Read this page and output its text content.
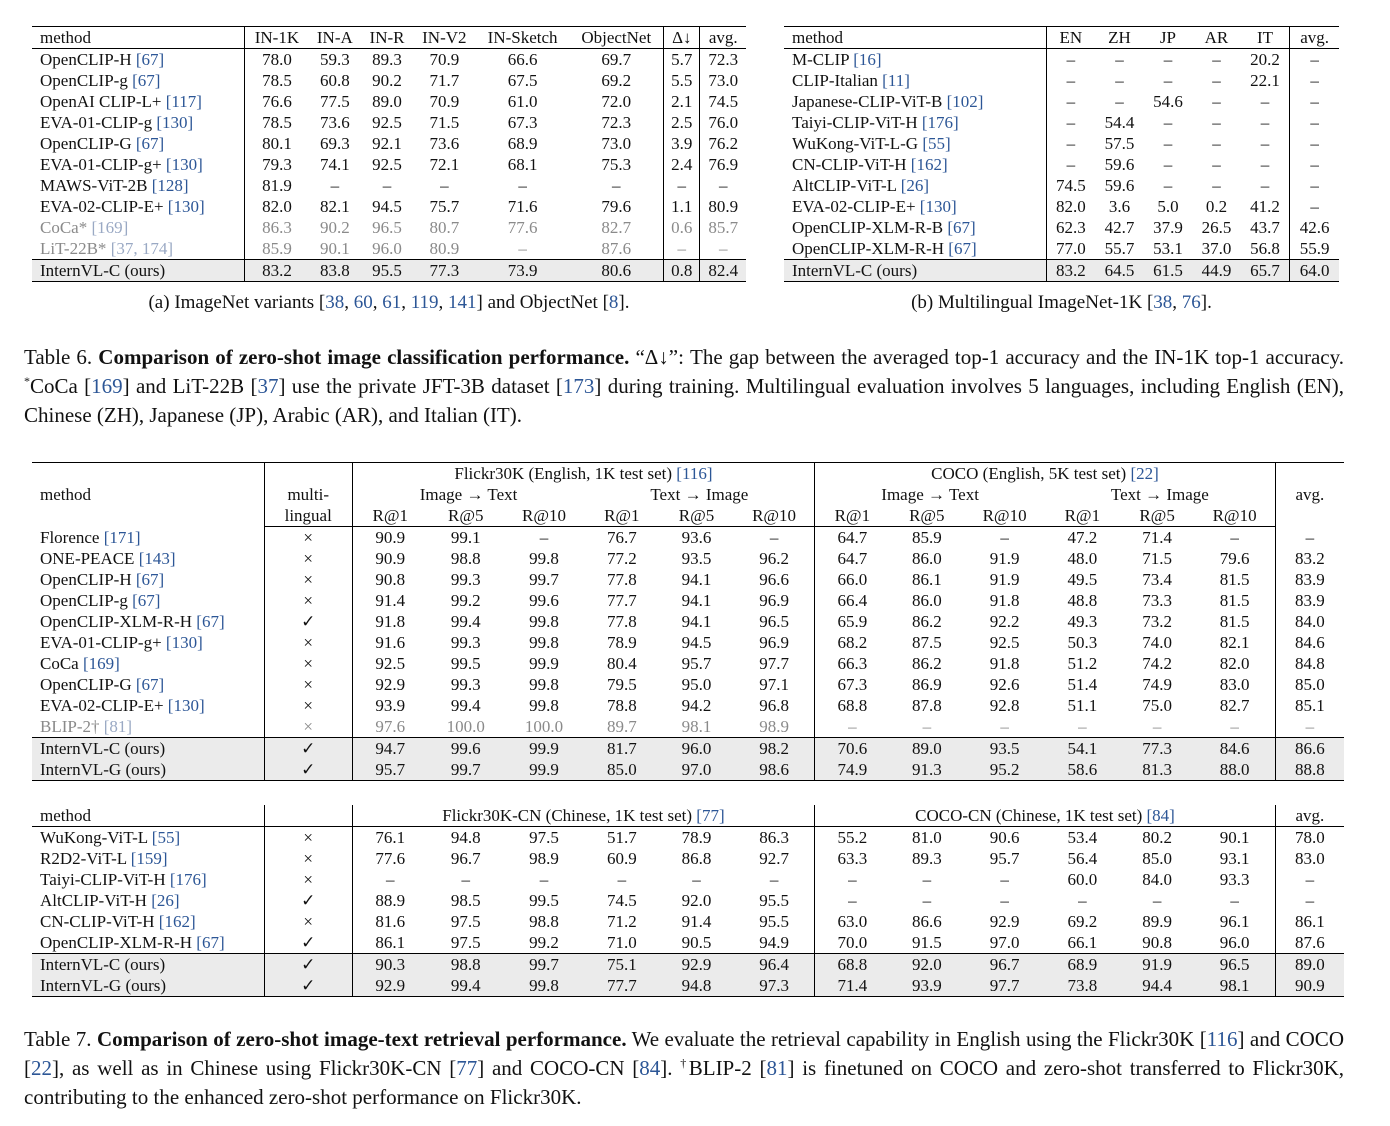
method	IN-1K	IN-A	IN-R	IN-V2	IN-Sketch	ObjectNet	Δ↓	avg.
OpenCLIP-H [67]	78.0	59.3	89.3	70.9	66.6	69.7	5.7	72.3
OpenCLIP-g [67]	78.5	60.8	90.2	71.7	67.5	69.2	5.5	73.0
OpenAI CLIP-L+ [117]	76.6	77.5	89.0	70.9	61.0	72.0	2.1	74.5
EVA-01-CLIP-g [130]	78.5	73.6	92.5	71.5	67.3	72.3	2.5	76.0
OpenCLIP-G [67]	80.1	69.3	92.1	73.6	68.9	73.0	3.9	76.2
EVA-01-CLIP-g+ [130]	79.3	74.1	92.5	72.1	68.1	75.3	2.4	76.9
MAWS-ViT-2B [128]	81.9	–	–	–	–	–	–	–
EVA-02-CLIP-E+ [130]	82.0	82.1	94.5	75.7	71.6	79.6	1.1	80.9
CoCa* [169]	86.3	90.2	96.5	80.7	77.6	82.7	0.6	85.7
LiT-22B* [37, 174]	85.9	90.1	96.0	80.9	–	87.6	–	–
InternVL-C (ours)	83.2	83.8	95.5	77.3	73.9	80.6	0.8	82.4
method	EN	ZH	JP	AR	IT	avg.
M-CLIP [16]	–	–	–	–	20.2	–
CLIP-Italian [11]	–	–	–	–	22.1	–
Japanese-CLIP-ViT-B [102]	–	–	54.6	–	–	–
Taiyi-CLIP-ViT-H [176]	–	54.4	–	–	–	–
WuKong-ViT-L-G [55]	–	57.5	–	–	–	–
CN-CLIP-ViT-H [162]	–	59.6	–	–	–	–
AltCLIP-ViT-L [26]	74.5	59.6	–	–	–	–
EVA-02-CLIP-E+ [130]	82.0	3.6	5.0	0.2	41.2	–
OpenCLIP-XLM-R-B [67]	62.3	42.7	37.9	26.5	43.7	42.6
OpenCLIP-XLM-R-H [67]	77.0	55.7	53.1	37.0	56.8	55.9
InternVL-C (ours)	83.2	64.5	61.5	44.9	65.7	64.0
(a) ImageNet variants [38, 60, 61, 119, 141] and ObjectNet [8].	(b) Multilingual ImageNet-1K [38, 76].
Table 6. Comparison of zero-shot image classification performance. “Δ↓”: The gap between the averaged top-1 accuracy and the IN-1K top-1 accuracy. *CoCa [169] and LiT-22B [37] use the private JFT-3B dataset [173] during training. Multilingual evaluation involves 5 languages, including English (EN), Chinese (ZH), Japanese (JP), Arabic (AR), and Italian (IT).
method		Flickr30K (English, 1K test set) [116]						COCO (English, 5K test set) [22]						avg.
	multi-	Image → Text			Text → Image			Image → Text			Text → Image			
	lingual	R@1	R@5	R@10	R@1	R@5	R@10	R@1	R@5	R@10	R@1	R@5	R@10	
Florence [171]	×	90.9	99.1	–	76.7	93.6	–	64.7	85.9	–	47.2	71.4	–	–
ONE-PEACE [143]	×	90.9	98.8	99.8	77.2	93.5	96.2	64.7	86.0	91.9	48.0	71.5	79.6	83.2
OpenCLIP-H [67]	×	90.8	99.3	99.7	77.8	94.1	96.6	66.0	86.1	91.9	49.5	73.4	81.5	83.9
OpenCLIP-g [67]	×	91.4	99.2	99.6	77.7	94.1	96.9	66.4	86.0	91.8	48.8	73.3	81.5	83.9
OpenCLIP-XLM-R-H [67]	✓	91.8	99.4	99.8	77.8	94.1	96.5	65.9	86.2	92.2	49.3	73.2	81.5	84.0
EVA-01-CLIP-g+ [130]	×	91.6	99.3	99.8	78.9	94.5	96.9	68.2	87.5	92.5	50.3	74.0	82.1	84.6
CoCa [169]	×	92.5	99.5	99.9	80.4	95.7	97.7	66.3	86.2	91.8	51.2	74.2	82.0	84.8
OpenCLIP-G [67]	×	92.9	99.3	99.8	79.5	95.0	97.1	67.3	86.9	92.6	51.4	74.9	83.0	85.0
EVA-02-CLIP-E+ [130]	×	93.9	99.4	99.8	78.8	94.2	96.8	68.8	87.8	92.8	51.1	75.0	82.7	85.1
BLIP-2† [81]	×	97.6	100.0	100.0	89.7	98.1	98.9	–	–	–	–	–	–	–
InternVL-C (ours)	✓	94.7	99.6	99.9	81.7	96.0	98.2	70.6	89.0	93.5	54.1	77.3	84.6	86.6
InternVL-G (ours)	✓	95.7	99.7	99.9	85.0	97.0	98.6	74.9	91.3	95.2	58.6	81.3	88.0	88.8
method		Flickr30K-CN (Chinese, 1K test set) [77]						COCO-CN (Chinese, 1K test set) [84]						avg.
WuKong-ViT-L [55]	×	76.1	94.8	97.5	51.7	78.9	86.3	55.2	81.0	90.6	53.4	80.2	90.1	78.0
R2D2-ViT-L [159]	×	77.6	96.7	98.9	60.9	86.8	92.7	63.3	89.3	95.7	56.4	85.0	93.1	83.0
Taiyi-CLIP-ViT-H [176]	×	–	–	–	–	–	–	–	–	–	60.0	84.0	93.3	–
AltCLIP-ViT-H [26]	✓	88.9	98.5	99.5	74.5	92.0	95.5	–	–	–	–	–	–	–
CN-CLIP-ViT-H [162]	×	81.6	97.5	98.8	71.2	91.4	95.5	63.0	86.6	92.9	69.2	89.9	96.1	86.1
OpenCLIP-XLM-R-H [67]	✓	86.1	97.5	99.2	71.0	90.5	94.9	70.0	91.5	97.0	66.1	90.8	96.0	87.6
InternVL-C (ours)	✓	90.3	98.8	99.7	75.1	92.9	96.4	68.8	92.0	96.7	68.9	91.9	96.5	89.0
InternVL-G (ours)	✓	92.9	99.4	99.8	77.7	94.8	97.3	71.4	93.9	97.7	73.8	94.4	98.1	90.9
Table 7. Comparison of zero-shot image-text retrieval performance. We evaluate the retrieval capability in English using the Flickr30K [116] and COCO [22], as well as in Chinese using Flickr30K-CN [77] and COCO-CN [84]. †BLIP-2 [81] is finetuned on COCO and zero-shot transferred to Flickr30K, contributing to the enhanced zero-shot performance on Flickr30K.
